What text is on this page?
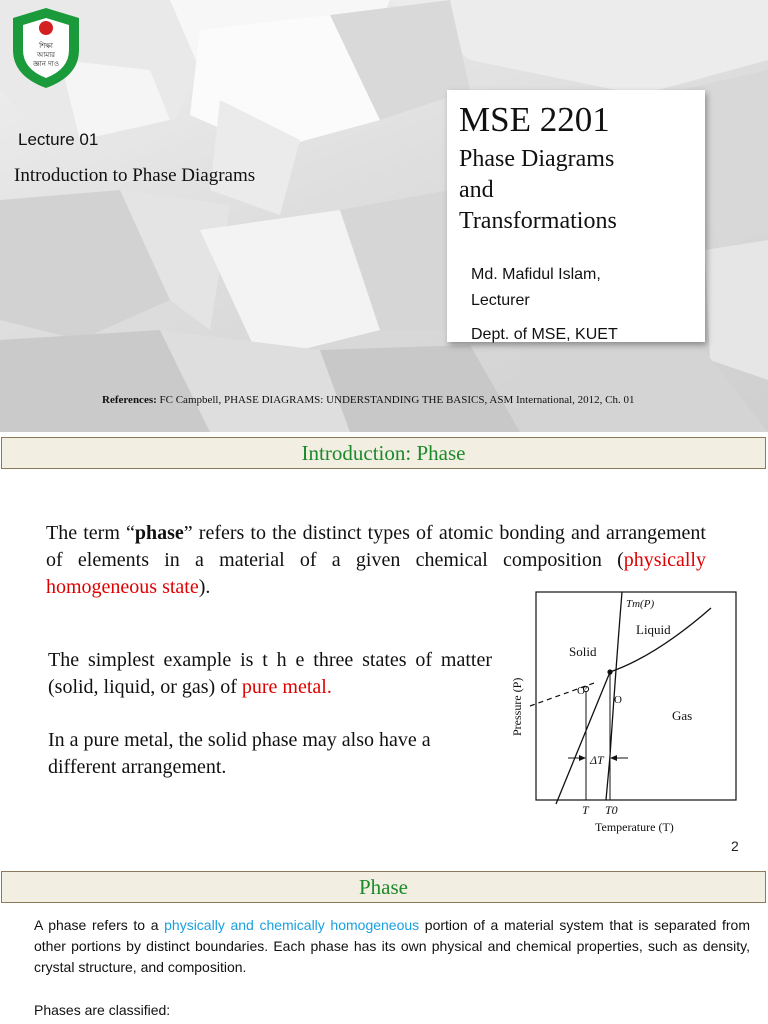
শিক্ষা
আমার
জ্ঞান দাও
Lecture 01
Introduction to Phase Diagrams
MSE 2201
Phase Diagrams
and
Transformations
Md. Mafidul Islam,
Lecturer
Dept. of MSE, KUET
References: FC Campbell, PHASE DIAGRAMS: UNDERSTANDING THE BASICS, ASM International, 2012, Ch. 01
Introduction: Phase
The term “phase” refers to the distinct types of atomic bonding and arrangement of elements in a material of a given chemical composition (physically homogeneous state).
The simplest example is t h e three states of matter (solid, liquid, or gas) of pure metal.
In a pure metal, the solid phase may also have a different arrangement.
Tm(P)
Solid
Liquid
Gas
O′
O
ΔT
T T0
Temperature (T)
Pressure (P)
2
Phase
A phase refers to a physically and chemically homogeneous portion of a material system that is separated from other portions by distinct boundaries. Each phase has its own physical and chemical properties, such as density, crystal structure, and composition.
Phases are classified:
